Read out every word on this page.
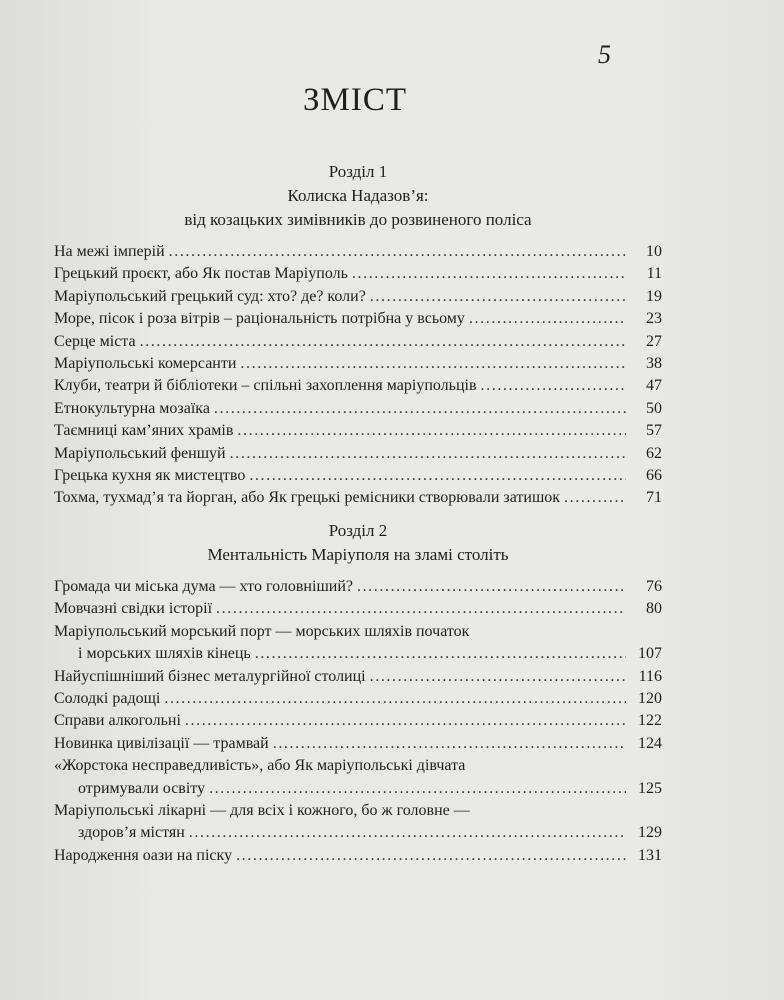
5
ЗМІСТ
Розділ 1
Колиска Надазов’я:
від козацьких зимівників до розвиненого поліса
На межі імперій . . .	10
Грецький проєкт, або Як постав Маріуполь . . .	11
Маріупольський грецький суд: хто? де? коли? . . .	19
Море, пісок і роза вітрів – раціональність потрібна у всьому . . .	23
Серце міста . . .	27
Маріупольські комерсанти . . .	38
Клуби, театри й бібліотеки – спільні захоплення маріупольців . . .	47
Етнокультурна мозаїка . . .	50
Таємниці кам’яних храмів . . .	57
Маріупольський феншуй . . .	62
Грецька кухня як мистецтво . . .	66
Тохма, тухмад’я та йорган, або Як грецькі ремісники створювали затишок . . .	71
Розділ 2
Ментальність Маріуполя на зламі століть
Громада чи міська дума — хто головніший? . . .	76
Мовчазні свідки історії . . .	80
Маріупольський морський порт — морських шляхів початок
і морських шляхів кінець . . .	107
Найуспішніший бізнес металургійної столиці . . .	116
Солодкі радощі . . .	120
Справи алкогольні . . .	122
Новинка цивілізації — трамвай . . .	124
«Жорстока несправедливість», або Як маріупольські дівчата
отримували освіту . . .	125
Маріупольські лікарні — для всіх і кожного, бо ж головне —
здоров’я містян . . .	129
Народження оази на піску . . .	131
